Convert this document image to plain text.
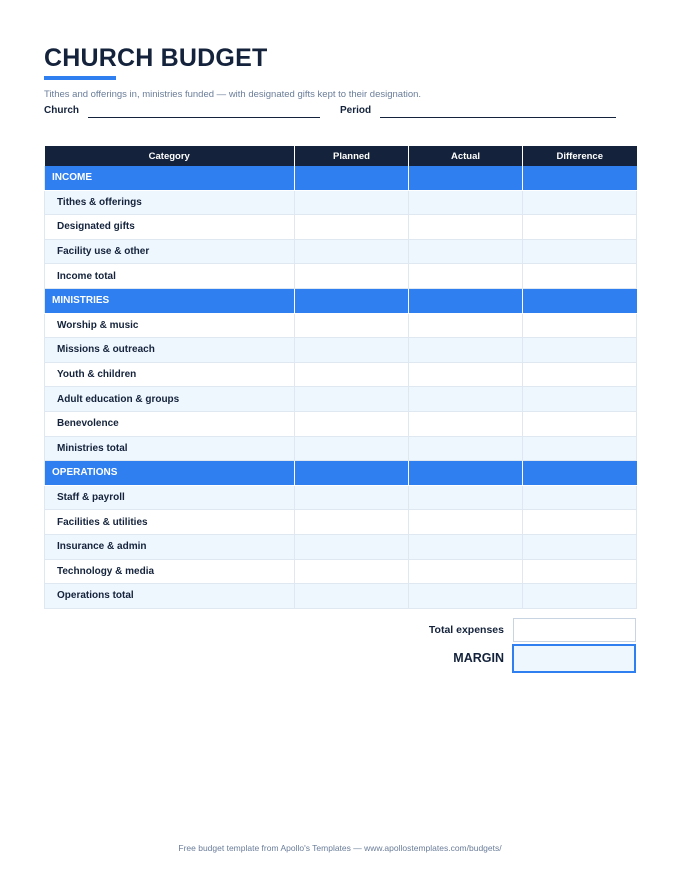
CHURCH BUDGET
Tithes and offerings in, ministries funded — with designated gifts kept to their designation.
Church	Period
Category	Planned	Actual	Difference
INCOME			
Tithes & offerings			
Designated gifts			
Facility use & other			
Income total			
MINISTRIES			
Worship & music			
Missions & outreach			
Youth & children			
Adult education & groups			
Benevolence			
Ministries total			
OPERATIONS			
Staff & payroll			
Facilities & utilities			
Insurance & admin			
Technology & media			
Operations total			
Total expenses
MARGIN
Free budget template from Apollo's Templates — www.apollostemplates.com/budgets/
